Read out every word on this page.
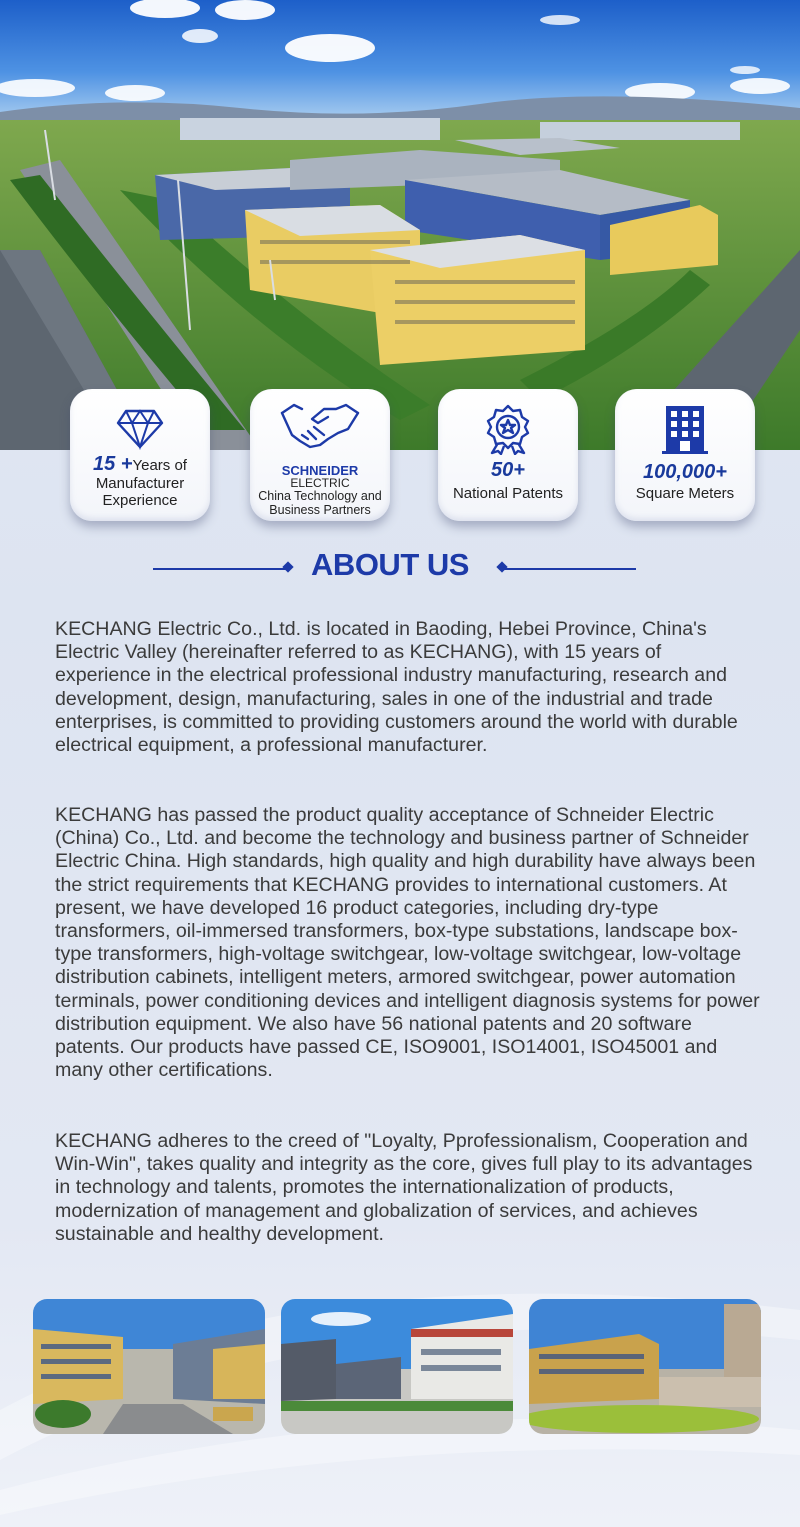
15 +Years of
Manufacturer Experience
SCHNEIDER
ELECTRIC
China Technology and Business Partners
50+
National Patents
100,000+
Square Meters
ABOUT US

KECHANG Electric Co., Ltd. is located in Baoding, Hebei Province, China's Electric Valley (hereinafter referred to as KECHANG), with 15 years of experience in the electrical professional industry manufacturing, research and development, design, manufacturing, sales in one of the industrial and trade enterprises, is committed to providing customers around the world with durable electrical equipment, a professional manufacturer.

KECHANG has passed the product quality acceptance of Schneider Electric (China) Co., Ltd. and become the technology and business partner of Schneider Electric China. High standards, high quality and high durability have always been the strict requirements that KECHANG provides to international customers. At present, we have developed 16 product categories, including dry-type transformers, oil-immersed transformers, box-type substations, landscape box-type transformers, high-voltage switchgear, low-voltage switchgear, low-voltage distribution cabinets, intelligent meters, armored switchgear, power automation terminals, power conditioning devices and intelligent diagnosis systems for power distribution equipment. We also have 56 national patents and 20 software patents. Our products have passed CE, ISO9001, ISO14001, ISO45001 and many other certifications.

KECHANG adheres to the creed of "Loyalty, Pprofessionalism, Cooperation and Win-Win", takes quality and integrity as the core, gives full play to its advantages in technology and talents, promotes the internationalization of products, modernization of management and globalization of services, and achieves sustainable and healthy development.
